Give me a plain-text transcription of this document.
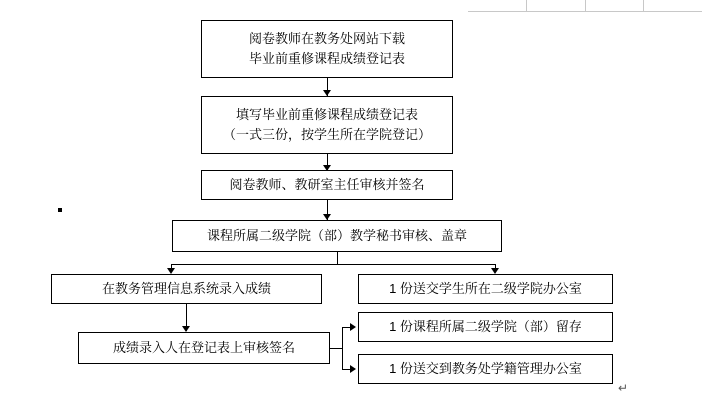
阅卷教师在教务处网站下载
毕业前重修课程成绩登记表
填写毕业前重修课程成绩登记表
（一式三份，按学生所在学院登记）
阅卷教师、教研室主任审核并签名
课程所属二级学院（部）教学秘书审核、盖章
在教务管理信息系统录入成绩	1 份送交学生所在二级学院办公室
成绩录入人在登记表上审核签名
1 份课程所属二级学院（部）留存
1 份送交到教务处学籍管理办公室
↵
